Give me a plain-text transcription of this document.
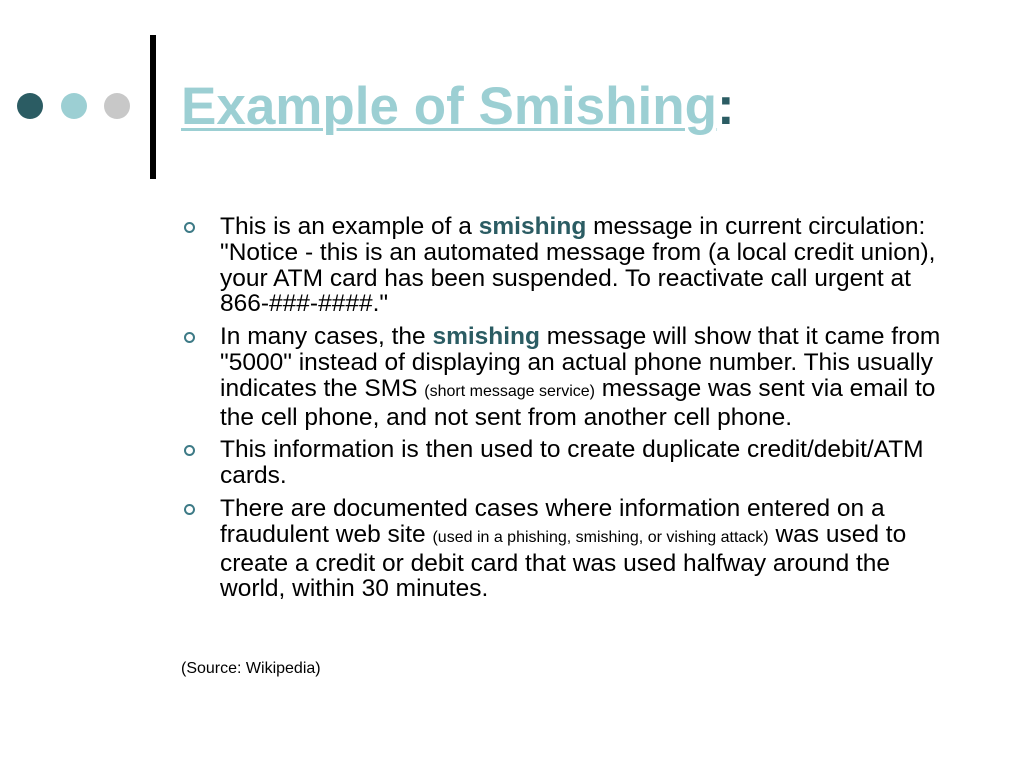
Example of Smishing:
This is an example of a smishing message in current circulation: "Notice - this is an automated message from (a local credit union), your ATM card has been suspended. To reactivate call urgent at 866-###-####."
In many cases, the smishing message will show that it came from "5000" instead of displaying an actual phone number. This usually indicates the SMS (short message service) message was sent via email to the cell phone, and not sent from another cell phone.
This information is then used to create duplicate credit/debit/ATM cards.
There are documented cases where information entered on a fraudulent web site (used in a phishing, smishing, or vishing attack) was used to create a credit or debit card that was used halfway around the world, within 30 minutes.
(Source: Wikipedia)
